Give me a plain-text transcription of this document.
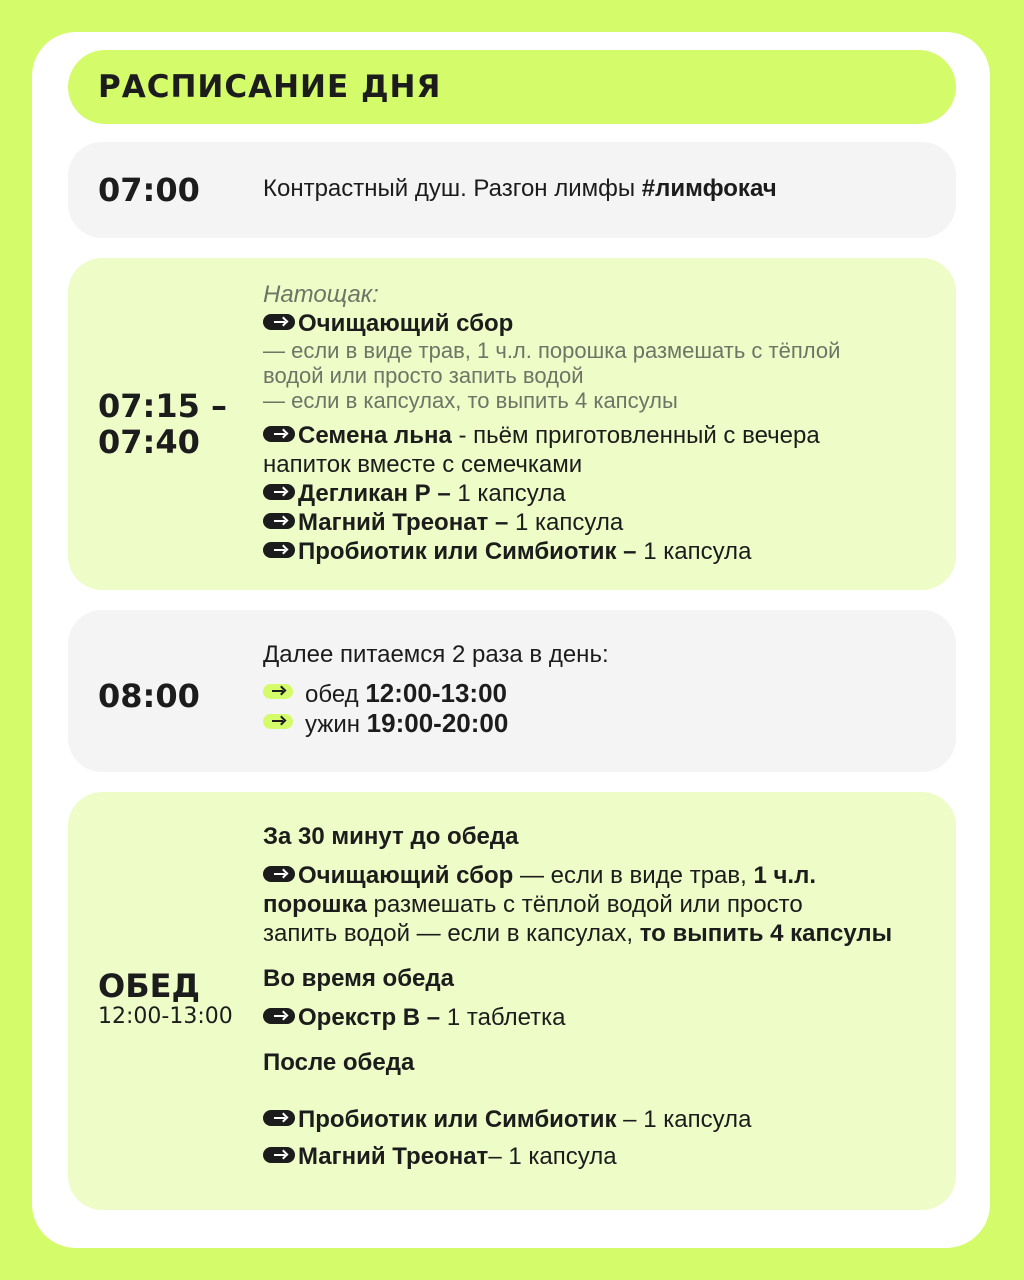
РАСПИСАНИЕ ДНЯ
07:00	Контрастный душ. Разгон лимфы #лимфокач
07:15 –
07:40
Натощак:
Очищающий сбор
— если в виде трав, 1 ч.л. порошка размешать с тёплой
водой или просто запить водой
— если в капсулах, то выпить 4 капсулы
Семена льна - пьём приготовленный с вечера
напиток вместе с семечками
Дегликан Р – 1 капсула
Магний Треонат – 1 капсула
Пробиотик или Симбиотик – 1 капсула
08:00
Далее питаемся 2 раза в день:
обед 12:00-13:00
ужин 19:00-20:00
ОБЕД
12:00-13:00
За 30 минут до обеда
Очищающий сбор — если в виде трав, 1 ч.л.
порошка размешать с тёплой водой или просто
запить водой — если в капсулах, то выпить 4 капсулы
Во время обеда
Орекстр В – 1 таблетка
После обеда
Пробиотик или Симбиотик – 1 капсула
Магний Треонат– 1 капсула
